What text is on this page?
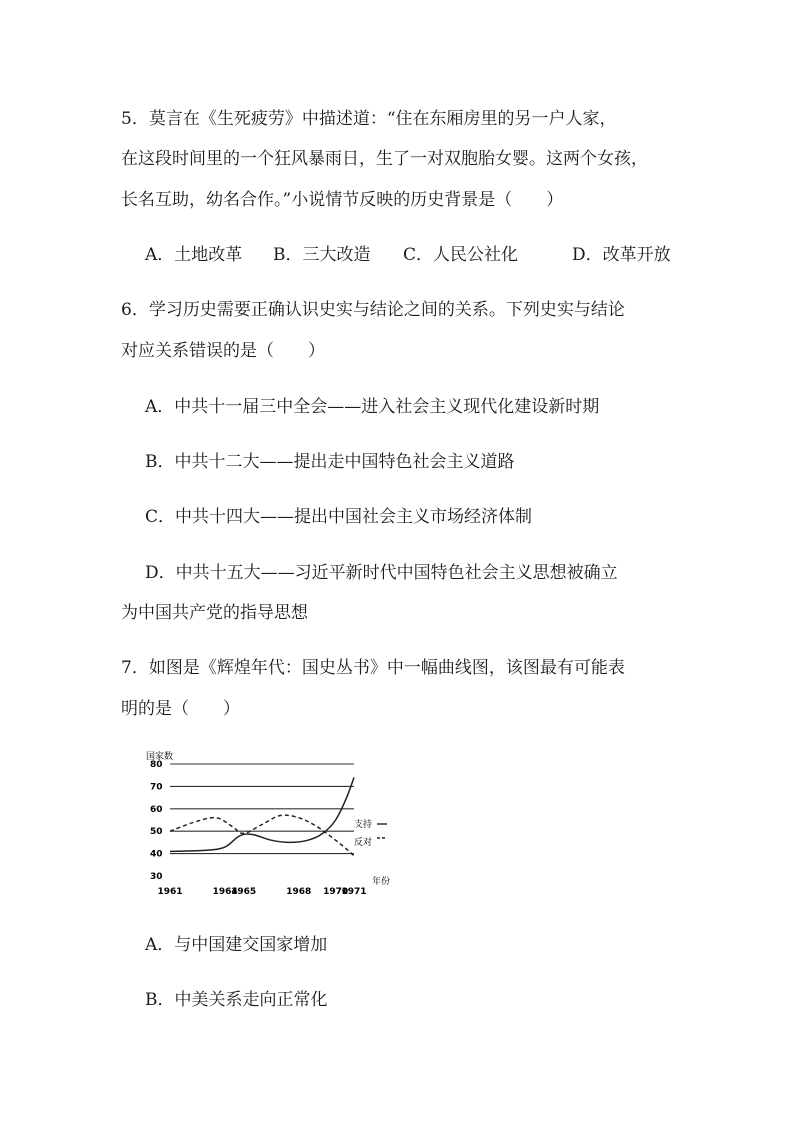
5．莫言在《生死疲劳》中描述道：“住在东厢房里的另一户人家，
在这段时间里的一个狂风暴雨日，生了一对双胞胎女婴。这两个女孩，
长名互助，幼名合作。”小说情节反映的历史背景是（　　）
A．土地改革 B．三大改造 C．人民公社化	D．改革开放
6．学习历史需要正确认识史实与结论之间的关系。下列史实与结论
对应关系错误的是（　　）
A．中共十一届三中全会——进入社会主义现代化建设新时期
B．中共十二大——提出走中国特色社会主义道路
C．中共十四大——提出中国社会主义市场经济体制
D．中共十五大——习近平新时代中国特色社会主义思想被确立
为中国共产党的指导思想
7．如图是《辉煌年代：国史丛书》中一幅曲线图，该图最有可能表
明的是（　　）
30
40
50
60
70
80
1961	1964
1965	1968 1970
1971
国家数
年份
支持
反对
A．与中国建交国家增加
B．中美关系走向正常化
